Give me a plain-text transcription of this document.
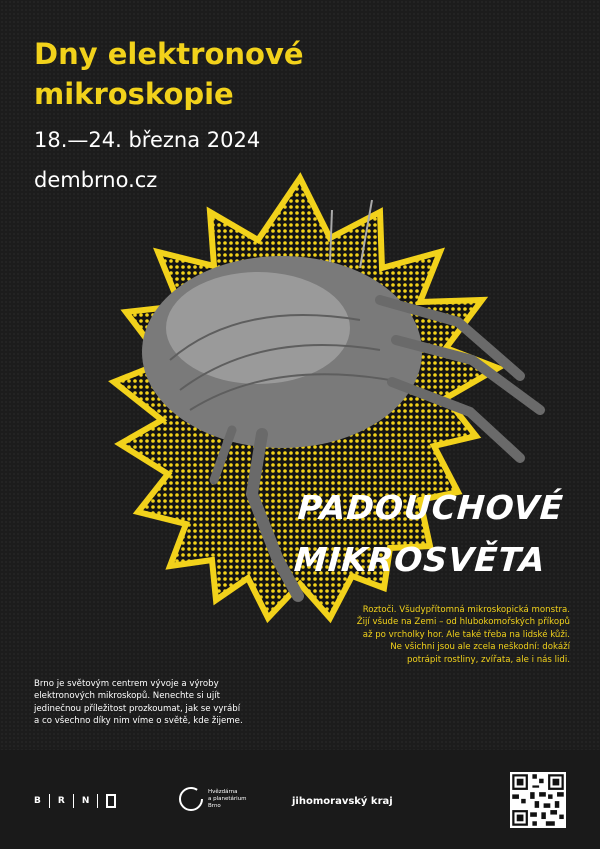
Dny elektronové
mikroskopie
18.—24. března 2024
dembrno.cz
PADOUCHOVÉ
MIKROSVĚTA
Roztoči. Všudypřítomná mikroskopická monstra.
Žijí všude na Zemi – od hlubokomořských příkopů
až po vrcholky hor. Ale také třeba na lidské kůži.
Ne všichni jsou ale zcela neškodní: dokáží
potrápit rostliny, zvířata, ale i nás lidi.
Brno je světovým centrem vývoje a výroby
elektronových mikroskopů. Nenechte si ujít
jedinečnou příležitost prozkoumat, jak se vyrábí
a co všechno díky nim víme o světě, kde žijeme.
B R N
Hvězdárna
a planetárium
Brno	jihomoravský kraj
